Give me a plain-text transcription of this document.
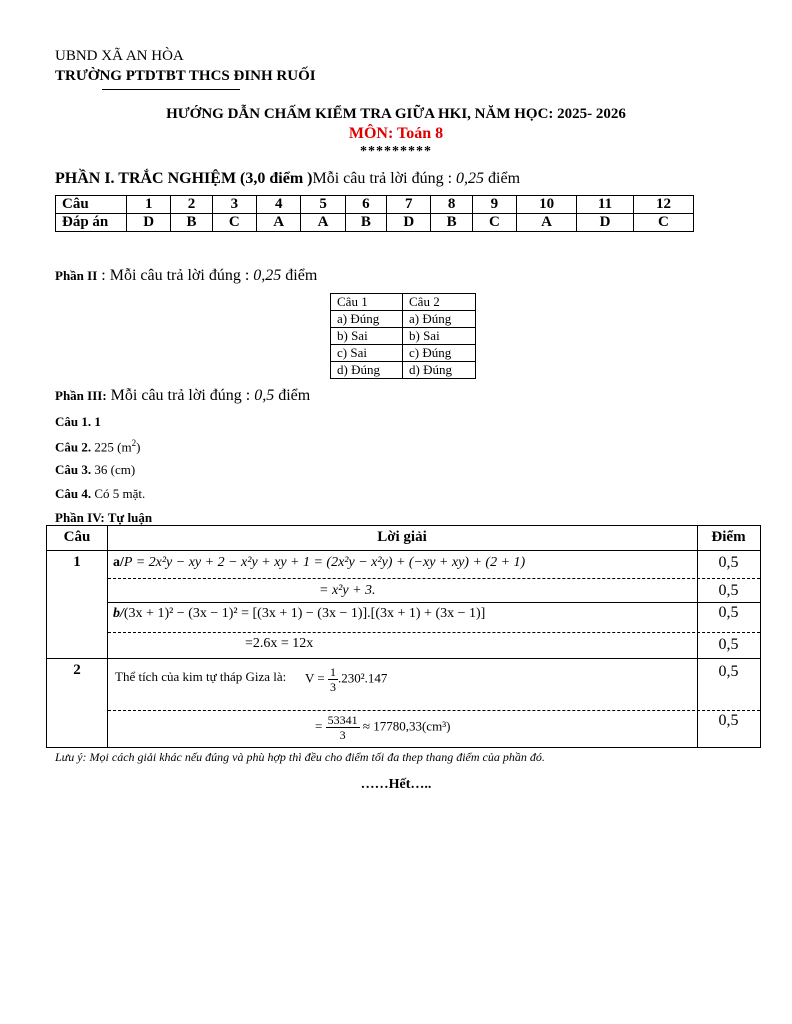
UBND XÃ AN HÒA
TRƯỜNG PTDTBT THCS ĐINH RUỐI
HƯỚNG DẪN CHẤM KIỂM TRA GIỮA HKI, NĂM HỌC: 2025- 2026
MÔN: Toán 8
*********
PHẦN I. TRẮC NGHIỆM (3,0 điểm )Mỗi câu trả lời đúng : 0,25 điểm
Câu	1	2	3	4	5	6	7	8	9	10	11	12
Đáp án	D	B	C	A	A	B	D	B	C	A	D	C
Phần II : Mỗi câu trả lời đúng : 0,25 điểm
Câu 1	Câu 2
a) Đúng	a) Đúng
b) Sai	b) Sai
c) Sai	c) Đúng
d) Đúng	d) Đúng
Phần III: Mỗi câu trả lời đúng : 0,5 điểm
Câu 1. 1
Câu 2. 225 $(m^2)$
Câu 3. 36 (cm)
Câu 4. Có 5 mặt.
Phần IV: Tự luận
Câu	Lời giải	Điểm
1	a/P = 2x²y − xy + 2 − x²y + xy + 1 = (2x²y − x²y) + (−xy + xy) + (2 + 1)	0,5
= x²y + 3.	0,5
b/(3x + 1)² − (3x − 1)² = [(3x + 1) − (3x − 1)].[(3x + 1) + (3x − 1)]	0,5
=2.6x = 12x	0,5
2	Thể tích của kim tự tháp Giza là: $V = \frac{1}{3} .230^2.147$	0,5
= $\frac{53341}{3} \approx 17780,33(cm^3)$	0,5
Lưu ý: Mọi cách giải khác nếu đúng và phù hợp thì đều cho điểm tối đa thep thang điểm của phần đó.
……Hết…..
